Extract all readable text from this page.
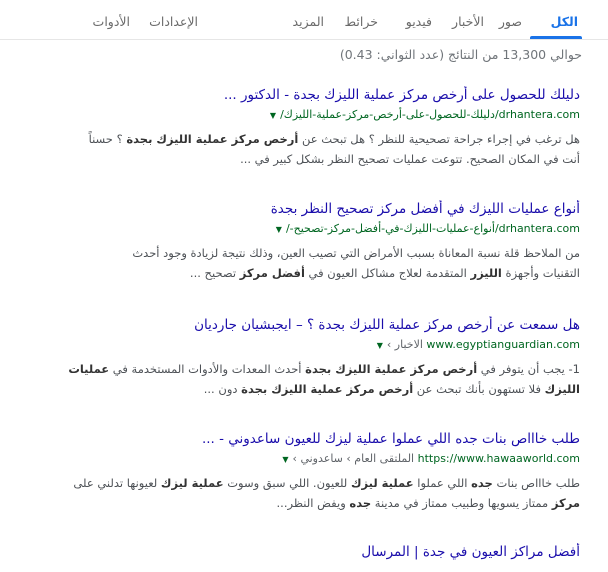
الكل
صور
الأخبار
فيديو
خرائط
المزيد
الإعدادات
الأدوات
حوالي 13,300 من النتائج (عدد الثواني: 0.43)
دليلك للحصول على أرخص مركز عملية الليزك بجدة - الدكتور ...
drhantera.com/دليلك-للحصول-على-أرخص-مركز-عملية-الليزك/▼
هل ترغب في إجراء جراحة تصحيحية للنظر ؟ هل تبحث عن أرخص مركز عملية الليزك بجدة ؟ حسناً
أنت في المكان الصحيح. تتوعت عمليات تصحيح النظر بشكل كبير في ...
أنواع عمليات الليزك في أفضل مركز تصحيح النظر بجدة
drhantera.com/أنواع-عمليات-الليزك-في-أفضل-مركز-تصحيح-/▼
من الملاحظ قلة نسبة المعاناة بسبب الأمراض التي تصيب العين، وذلك نتيجة لزيادة وجود أحدث
التقنيات وأجهزة الليزر المتقدمة لعلاج مشاكل العيون في أفضل مركز تصحيح ...
هل سمعت عن أرخص مركز عملية الليزك بجدة ؟ – ايجبشيان جارديان
www.egyptianguardian.com الاخبار ›▼
1- يجب أن يتوفر في أرخص مركز عملية الليزك بجدة أحدث المعدات والأدوات المستخدمة في عمليات
الليزك فلا تستهون بأنك تبحث عن أرخص مركز عملية الليزك بجدة دون ...
طلب خاااص بنات جده اللي عملوا عملية ليزك للعيون ساعدوني - ...
https://www.hawaaworld.com الملتقى العام › ساعدوني ›▼
طلب خاااص بنات جده اللي عملوا عملية ليزك للعيون. اللي سبق وسوت عملية ليزك لعيونها تدلني على
مركز ممتاز يسويها وطبيب ممتاز في مدينة جده ويفض النظر...
أفضل مراكز العيون في جدة | المرسال
